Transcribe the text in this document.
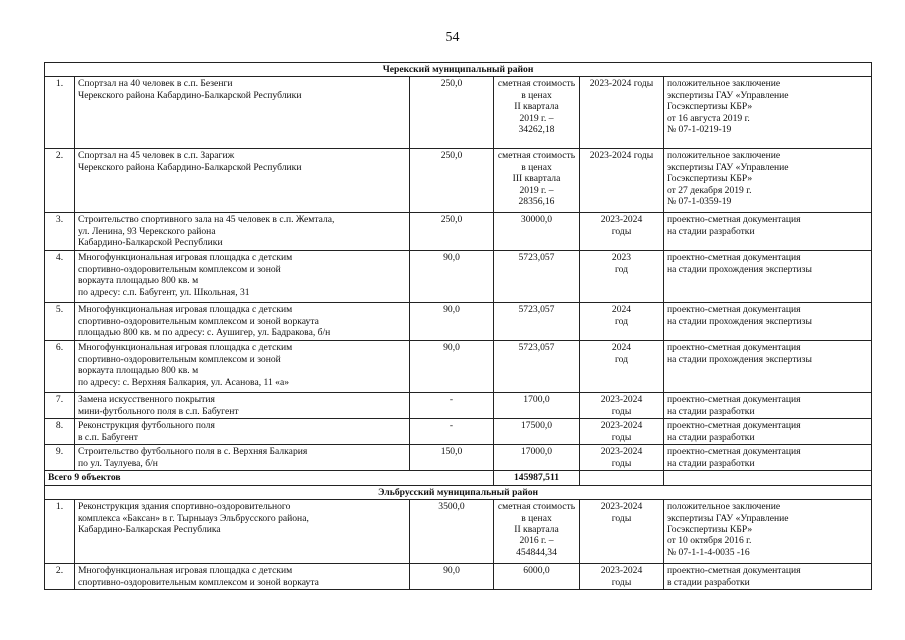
54
Черекский муниципальный район					
1.	Спортзал на 40 человек в с.п. Безенги
Черекского района Кабардино-Балкарской Республики	250,0	сметная стоимость
в ценах
II квартала
2019 г. –
34262,18	2023-2024 годы	положительное заключение
экспертизы ГАУ «Управление
Госэкспертизы КБР»
от 16 августа 2019 г.
№ 07-1-0219-19

2.	Спортзал на 45 человек в с.п. Зарагиж
Черекского района Кабардино-Балкарской Республики	250,0	сметная стоимость
в ценах
III квартала
2019 г. –
28356,16	2023-2024 годы	положительное заключение
экспертизы ГАУ «Управление
Госэкспертизы КБР»
от 27 декабря 2019 г.
№ 07-1-0359-19

3.	Строительство спортивного зала на 45 человек в с.п. Жемтала,
ул. Ленина, 93 Черекского района
Кабардино-Балкарской Республики	250,0	30000,0	2023-2024
годы	проектно-сметная документация
на стадии разработки

4.	Многофункциональная игровая площадка с детским
спортивно-оздоровительным комплексом и зоной
воркаута площадью 800 кв. м
по адресу: с.п. Бабугент, ул. Школьная, 31	90,0	5723,057	2023
год	проектно-сметная документация
на стадии прохождения экспертизы

5.	Многофункциональная игровая площадка с детским
спортивно-оздоровительным комплексом и зоной воркаута
площадью 800 кв. м по адресу: с. Аушигер, ул. Бадракова, б/н	90,0	5723,057	2024
год	проектно-сметная документация
на стадии прохождения экспертизы

6.	Многофункциональная игровая площадка с детским
спортивно-оздоровительным комплексом и зоной
воркаута площадью 800 кв. м
по адресу: с. Верхняя Балкария, ул. Асанова, 11 «а»	90,0	5723,057	2024
год	проектно-сметная документация
на стадии прохождения экспертизы

7.	Замена искусственного покрытия
мини-футбольного поля в с.п. Бабугент	-	1700,0	2023-2024
годы	проектно-сметная документация
на стадии разработки

8.	Реконструкция футбольного поля
в с.п. Бабугент	-	17500,0	2023-2024
годы	проектно-сметная документация
на стадии разработки

9.	Строительство футбольного поля в с. Верхняя Балкария
по ул. Таулуева, б/н	150,0	17000,0	2023-2024
годы	проектно-сметная документация
на стадии разработки

Всего 9 объектов			145987,511		
Эльбрусский муниципальный район					
1.	Реконструкция здания спортивно-оздоровительного
комплекса «Баксан» в г. Тырныауз Эльбрусского района,
Кабардино-Балкарская Республика	3500,0	сметная стоимость
в ценах
II квартала
2016 г. –
454844,34	2023-2024
годы	положительное заключение
экспертизы ГАУ «Управление
Госэкспертизы КБР»
от 10 октября 2016 г.
№ 07-1-1-4-0035 -16

2.	Многофункциональная игровая площадка с детским
спортивно-оздоровительным комплексом и зоной воркаута	90,0	6000,0	2023-2024
годы	проектно-сметная документация
в стадии разработки
